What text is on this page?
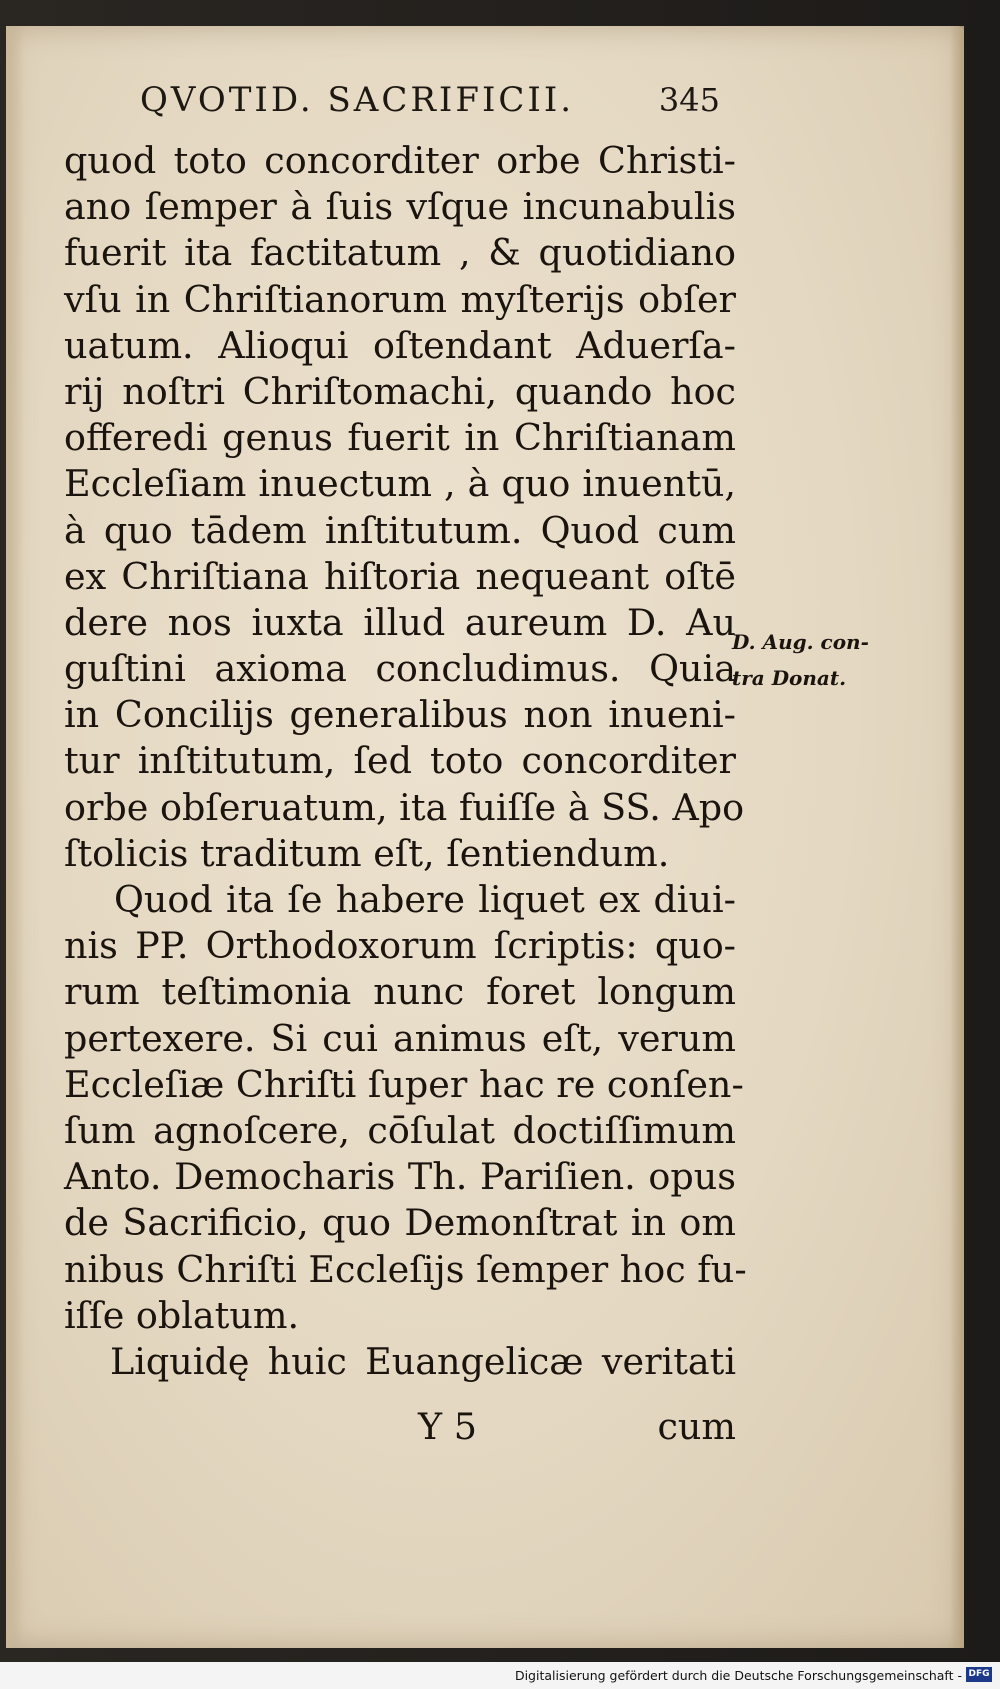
QVOTID. SACRIFICII.	345
quod toto concorditer orbe Christi-
ano ſemper à ſuis vſque incunabulis
fuerit ita factitatum , & quotidiano
vſu in Chriſtianorum myſterijs obſer
uatum. Alioqui oſtendant Aduerſa-
rij noſtri Chriſtomachi, quando hoc
offeredi genus fuerit in Chriſtianam
Eccleſiam inuectum , à quo inuentū,
à quo tādem inſtitutum. Quod cum
ex Chriſtiana hiſtoria nequeant oſtē
dere nos iuxta illud aureum D. Au
guſtini axioma concludimus. Quia
in Concilijs generalibus non inueni-
tur inſtitutum, ſed toto concorditer
orbe obſeruatum, ita fuiſſe à SS. Apo
ſtolicis traditum eſt, ſentiendum.
Quod ita ſe habere liquet ex diui-
nis PP. Orthodoxorum ſcriptis: quo-
rum teſtimonia nunc foret longum
pertexere. Si cui animus eſt, verum
Eccleſiæ Chriſti ſuper hac re conſen-
ſum agnoſcere, cōſulat doctiſſimum
Anto. Democharis Th. Pariſien. opus
de Sacrificio, quo Demonſtrat in om
nibus Chriſti Eccleſijs ſemper hoc fu-
iſſe oblatum.
Liquidę huic Euangelicæ veritati
D. Aug. con-
tra Donat.
Y 5	cum
Digitalisierung gefördert durch die Deutsche Forschungsgemeinschaft - DFG
